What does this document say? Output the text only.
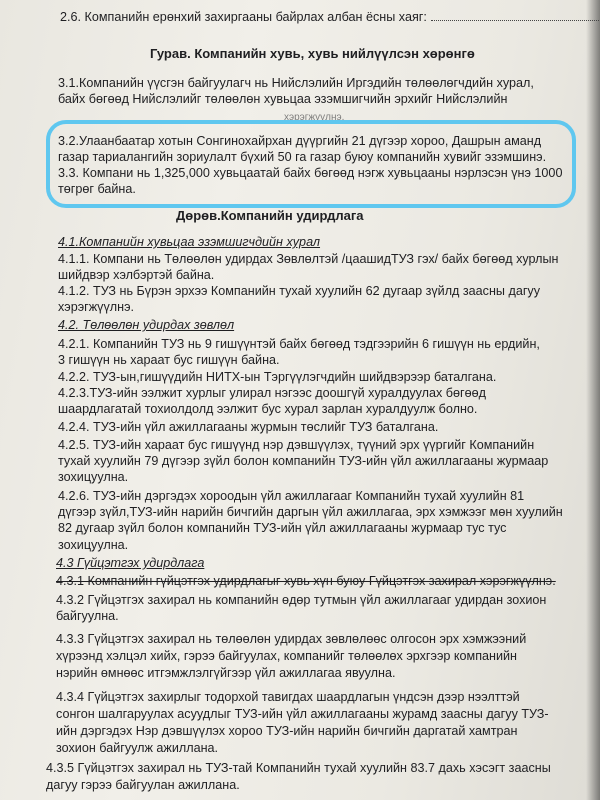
2.6. Компанийн ерөнхий захиргааны байрлах албан ёсны хаяг:

Гурав. Компанийн хувь, хувь нийлүүлсэн хөрөнгө

3.1.Компанийн үүсгэн байгуулагч нь Нийслэлийн Иргэдийн төлөөлөгчдийн хурал,

байх бөгөөд Нийслэлийг төлөөлөн хувьцаа эзэмшигчийн эрхийг Нийслэлийн

хэрэгжүүлнэ.

3.2.Улаанбаатар хотын Сонгинохайрхан дүүргийн 21 дүгээр хороо, Дашрын аманд

газар тариалангийн зориулалт бүхий 50 га газар буюу компанийн хувийг эзэмшинэ.

3.3. Компани нь 1,325,000 хувьцаатай байх бөгөөд нэгж хувьцааны нэрлэсэн үнэ 1000

төгрөг байна.

Дөрөв.Компанийн удирдлага

4.1.Компанийн хувьцаа эзэмшигчдийн хурал

4.1.1. Компани нь Төлөөлөн удирдах Зөвлөлтэй /цаашидТУЗ гэх/ байх бөгөөд хурлын

шийдвэр хэлбэртэй байна.

4.1.2. ТУЗ нь Бүрэн эрхээ Компанийн тухай хуулийн 62 дугаар зүйлд заасны дагуу

хэрэгжүүлнэ.

4.2. Төлөөлөн удирдах зөвлөл

4.2.1. Компанийн ТУЗ нь 9 гишүүнтэй байх бөгөөд тэдгээрийн 6 гишүүн нь ердийн,

3 гишүүн нь хараат бус гишүүн байна.

4.2.2. ТУЗ-ын,гишүүдийн НИТХ-ын Тэргүүлэгчдийн шийдвэрээр баталгана.

4.2.3.ТУЗ-ийн ээлжит хурлыг улирал нэгээс доошгүй хуралдуулах бөгөөд

шаардлагатай тохиолдолд ээлжит бус хурал зарлан хуралдуулж болно.

4.2.4. ТУЗ-ийн үйл ажиллагааны журмын төслийг ТУЗ баталгана.

4.2.5. ТУЗ-ийн хараат бус гишүүнд нэр дэвшүүлэх, түүний эрх үүргийг Компанийн

тухай хуулийн 79 дүгээр зүйл болон компанийн ТУЗ-ийн үйл ажиллагааны журмаар

зохицуулна.

4.2.6. ТУЗ-ийн дэргэдэх хороодын үйл ажиллагааг Компанийн тухай хуулийн 81

дүгээр зүйл,ТУЗ-ийн нарийн бичгийн даргын үйл ажиллагаа, эрх хэмжээг мөн хуулийн

82 дугаар зүйл болон компанийн ТУЗ-ийн үйл ажиллагааны журмаар тус тус

зохицуулна.

4.3 Гүйцэтгэх удирдлага

4.3.1 Компанийн гүйцэтгэх удирдлагыг хувь хүн буюу Гүйцэтгэх захирал хэрэгжүүлнэ.

4.3.2 Гүйцэтгэх захирал нь компанийн өдөр тутмын үйл ажиллагааг удирдан зохион

байгуулна.

4.3.3 Гүйцэтгэх захирал нь төлөөлөн удирдах зөвлөлөөс олгосон эрх хэмжээний

хүрээнд хэлцэл хийх, гэрээ байгуулах, компанийг төлөөлөх эрхгээр компанийн

нэрийн өмнөөс итгэмжлэлгүйгээр үйл ажиллагаа явуулна.

4.3.4 Гүйцэтгэх захирлыг тодорхой тавигдах шаардлагын үндсэн дээр нээлттэй

сонгон шалгаруулах асуудлыг ТУЗ-ийн үйл ажиллагааны журамд заасны дагуу ТУЗ-

ийн дэргэдэх Нэр дэвшүүлэх хороо ТУЗ-ийн нарийн бичгийн даргатай хамтран

зохион байгуулж ажиллана.

4.3.5 Гүйцэтгэх захирал нь ТУЗ-тай Компанийн тухай хуулийн 83.7 дахь хэсэгт заасны

дагуу гэрээ байгуулан ажиллана.
